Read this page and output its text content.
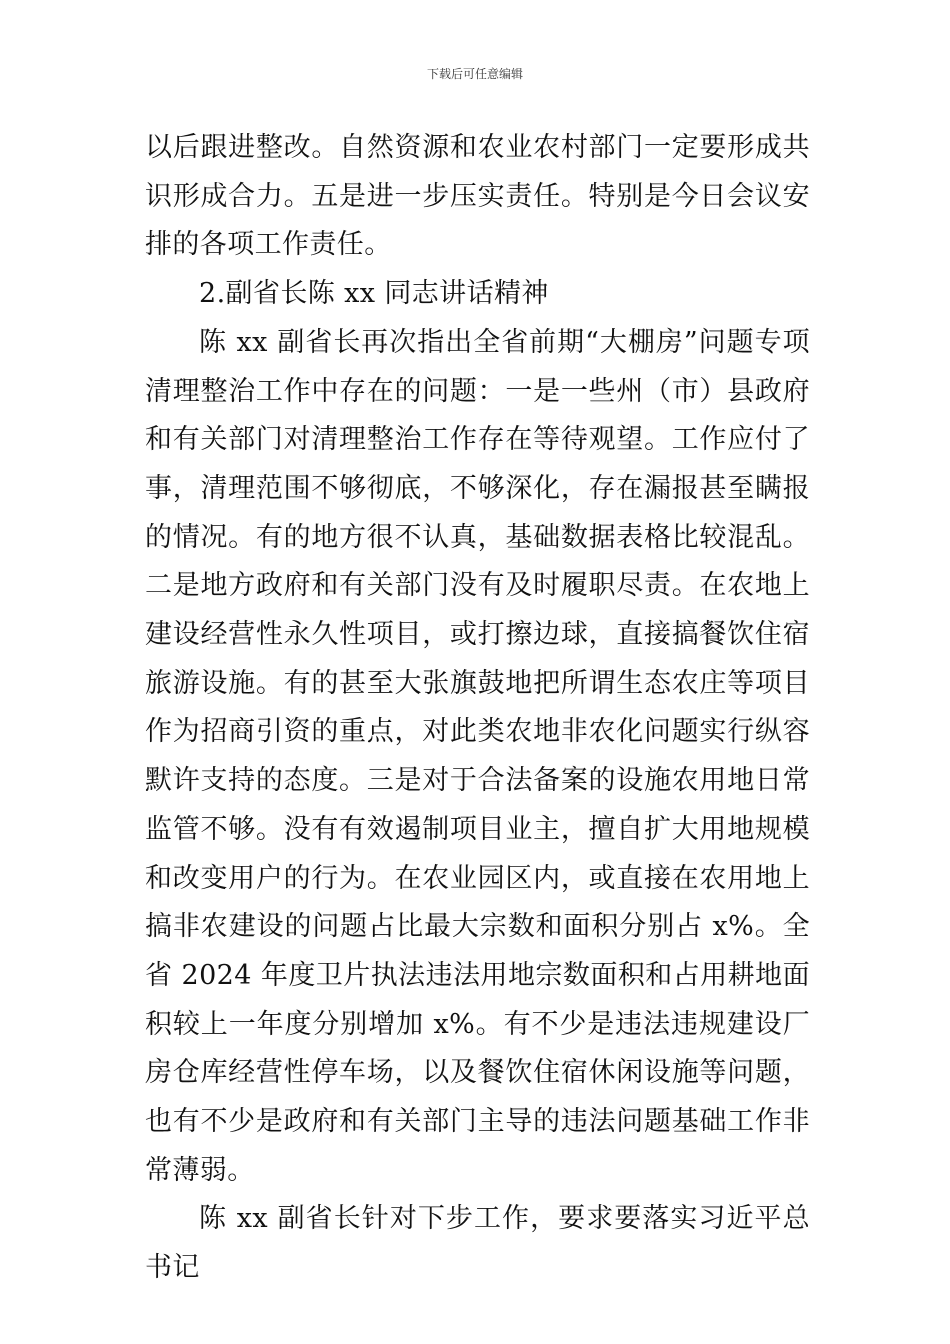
下载后可任意编辑

以后跟进整改。自然资源和农业农村部门一定要形成共识形成合力。五是进一步压实责任。特别是今日会议安排的各项工作责任。

2.副省长陈 xx 同志讲话精神

陈 xx 副省长再次指出全省前期“大棚房”问题专项清理整治工作中存在的问题：一是一些州（市）县政府和有关部门对清理整治工作存在等待观望。工作应付了事，清理范围不够彻底，不够深化，存在漏报甚至瞒报的情况。有的地方很不认真，基础数据表格比较混乱。二是地方政府和有关部门没有及时履职尽责。在农地上建设经营性永久性项目，或打擦边球，直接搞餐饮住宿旅游设施。有的甚至大张旗鼓地把所谓生态农庄等项目作为招商引资的重点，对此类农地非农化问题实行纵容默许支持的态度。三是对于合法备案的设施农用地日常监管不够。没有有效遏制项目业主，擅自扩大用地规模和改变用户的行为。在农业园区内，或直接在农用地上搞非农建设的问题占比最大宗数和面积分别占 x%。全省 2024 年度卫片执法违法用地宗数面积和占用耕地面积较上一年度分别增加 x%。有不少是违法违规建设厂房仓库经营性停车场，以及餐饮住宿休闲设施等问题，也有不少是政府和有关部门主导的违法问题基础工作非常薄弱。

陈 xx 副省长针对下步工作，要求要落实习近平总书记
